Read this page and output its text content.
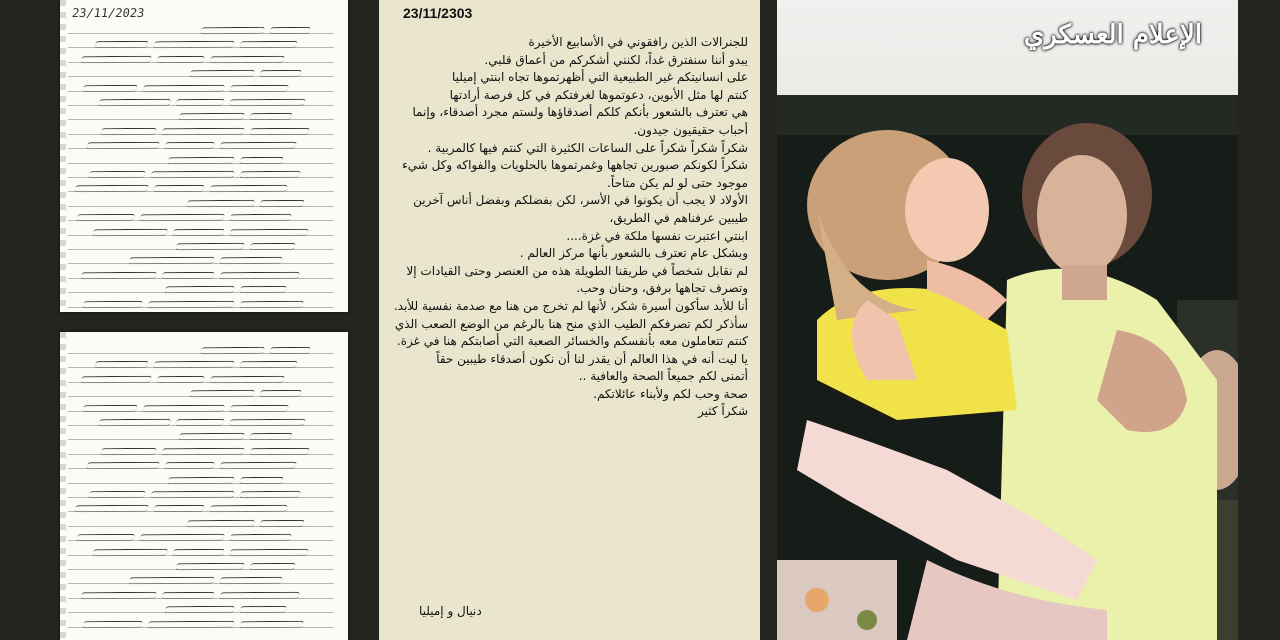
23/11/2023	23/11/2303

للجنرالات الذين رافقوني في الأسابيع الأخيرة

يبدو أننا سنفترق غداً، لكنني أشكركم من أعماق قلبي.

على انسانيتكم غير الطبيعية التي أظهرتموها تجاه ابنتي إميليا

كنتم لها مثل الأبوين، دعوتموها لغرفتكم في كل فرصة أرادتها

هي تعترف بالشعور بأنكم كلكم أصدقاؤها ولستم مجرد أصدقاء، وإنما أحباب حقيقيون جيدون.

شكراً شكراً شكراً على الساعات الكثيرة التي كنتم فيها كالمربية .

شكراً لكونكم صبورين تجاهها وغمرتموها بالحلويات والفواكه وكل شيء موجود حتى لو لم يكن متاحاً.

الأولاد لا يجب أن يكونوا في الأسر، لكن بفضلكم وبفضل أناس آخرين طيبين عرفناهم في الطريق،

ابنتي اعتبرت نفسها ملكة في غزة....

وبشكل عام تعترف بالشعور بأنها مركز العالم .

لم نقابل شخصاً في طريقنا الطويلة هذه من العنصر وحتى القيادات إلا وتصرف تجاهها برفق، وحنان وحب.

أنا للأبد سأكون أسيرة شكر، لأنها لم تخرج من هنا مع صدمة نفسية للأبد.

سأذكر لكم تصرفكم الطيب الذي منح هنا بالرغم من الوضع الصعب الذي كنتم تتعاملون معه بأنفسكم والخسائر الصعبة التي أصابتكم هنا في غزة.

يا ليت أنه في هذا العالم أن يقدر لنا أن نكون أصدقاء طيبين حقاً

أتمنى لكم جميعاً الصحة والعافية ..

صحة وحب لكم ولأبناء عائلاتكم.

شكراً كثير

دنيال و إميليا
الإعلام العسكري
